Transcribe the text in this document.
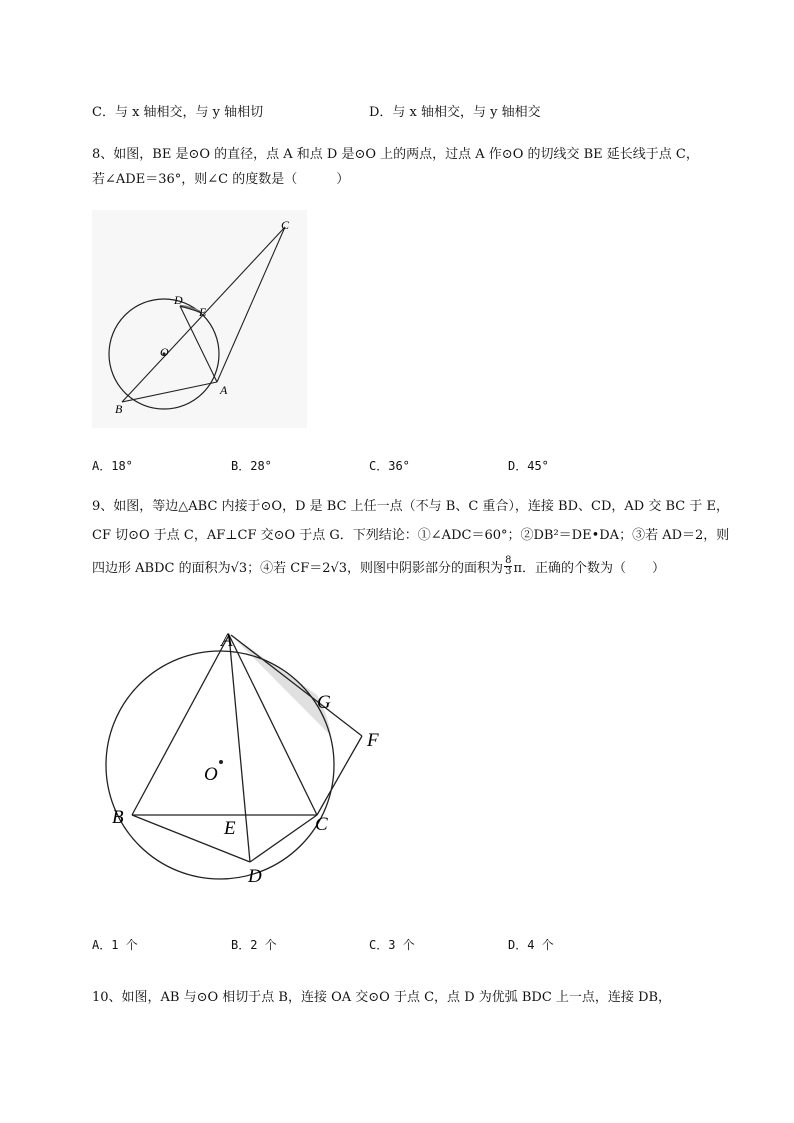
C．与 x 轴相交，与 y 轴相切	D．与 x 轴相交，与 y 轴相交
8、如图，BE 是⊙O 的直径，点 A 和点 D 是⊙O 上的两点，过点 A 作⊙O 的切线交 BE 延长线于点 C，
若∠ADE＝36°，则∠C 的度数是（　　　）
C
D
E
O
A
B
A．18°	B．28°	C．36°	D．45°
9、如图，等边△ABC 内接于⊙O，D 是 BC 上任一点（不与 B、C 重合），连接 BD、CD，AD 交 BC 于 E，
CF 切⊙O 于点 C，AF⊥CF 交⊙O 于点 G．下列结论：①∠ADC＝60°；②DB²＝DE•DA；③若 AD＝2，则
四边形 ABDC 的面积为√3；④若 CF＝2√3，则图中阴影部分的面积为 $\frac{8}{3}$ π．正确的个数为（　　）
A
G
F
O
B
E	C
D
A．1 个	B．2 个	C．3 个	D．4 个
10、如图，AB 与⊙O 相切于点 B，连接 OA 交⊙O 于点 C，点 D 为优弧 BDC 上一点，连接 DB，
